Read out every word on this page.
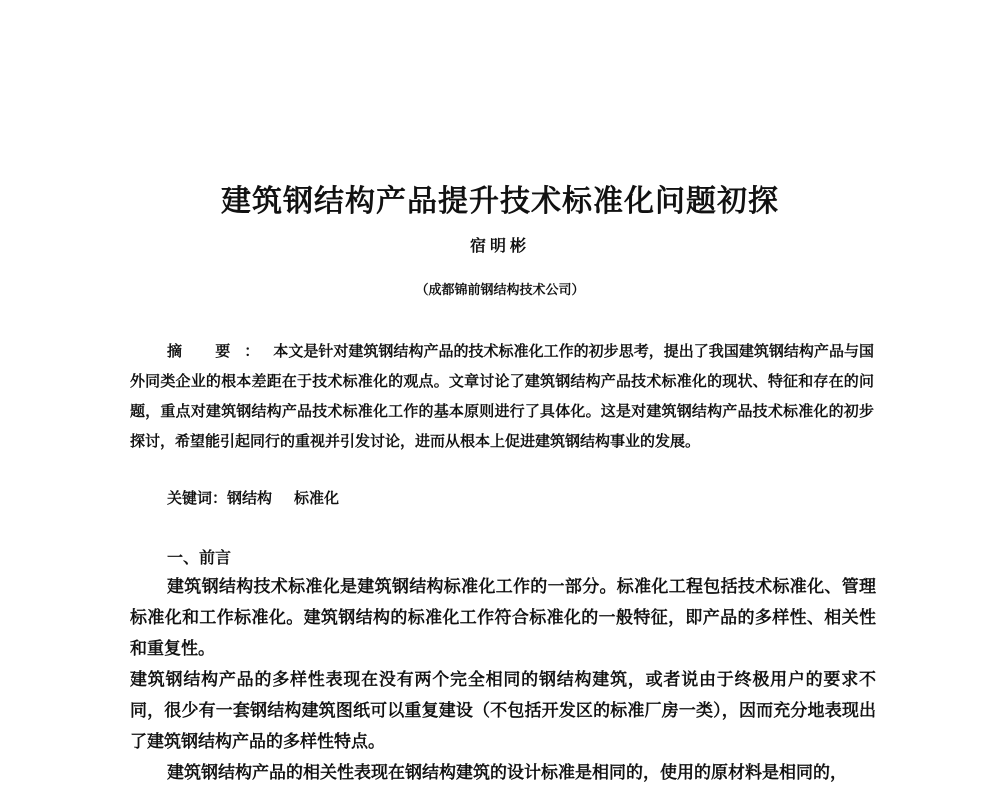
建筑钢结构产品提升技术标准化问题初探
宿明彬
（成都锦前钢结构技术公司）

摘 要：本文是针对建筑钢结构产品的技术标准化工作的初步思考，提出了我国建筑钢结构产品与国外同类企业的根本差距在于技术标准化的观点。文章讨论了建筑钢结构产品技术标准化的现状、特征和存在的问题，重点对建筑钢结构产品技术标准化工作的基本原则进行了具体化。这是对建筑钢结构产品技术标准化的初步探讨，希望能引起同行的重视并引发讨论，进而从根本上促进建筑钢结构事业的发展。

关键词：钢结构 标准化
一、前言

建筑钢结构技术标准化是建筑钢结构标准化工作的一部分。标准化工程包括技术标准化、管理标准化和工作标准化。建筑钢结构的标准化工作符合标准化的一般特征，即产品的多样性、相关性和重复性。

建筑钢结构产品的多样性表现在没有两个完全相同的钢结构建筑，或者说由于终极用户的要求不同，很少有一套钢结构建筑图纸可以重复建设（不包括开发区的标准厂房一类），因而充分地表现出了建筑钢结构产品的多样性特点。

建筑钢结构产品的相关性表现在钢结构建筑的设计标准是相同的，使用的原材料是相同的，
